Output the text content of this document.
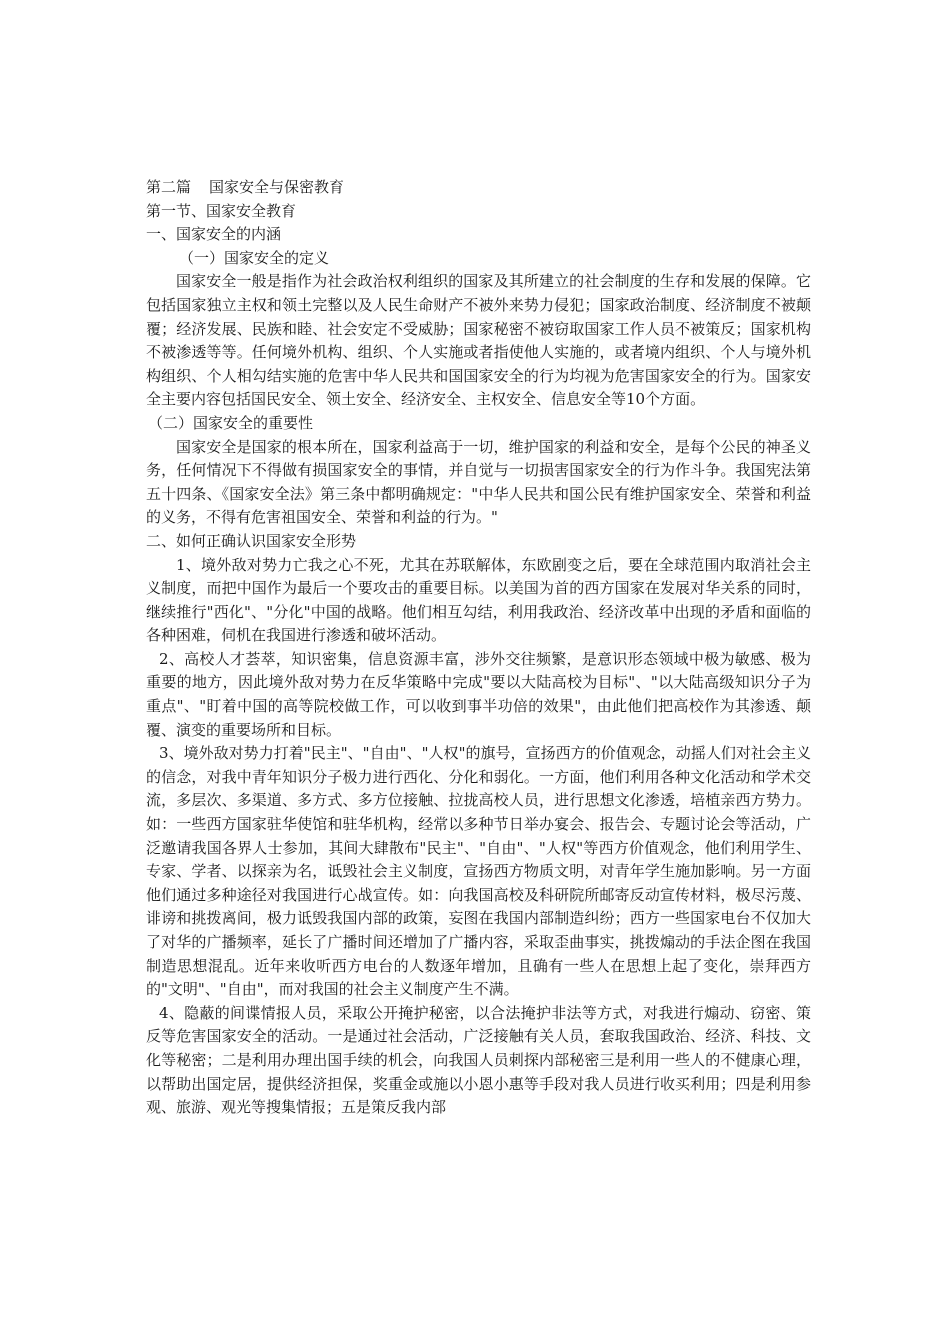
第二篇 国家安全与保密教育

第一节、国家安全教育

一、国家安全的内涵

（一）国家安全的定义

国家安全一般是指作为社会政治权利组织的国家及其所建立的社会制度的生存和发展的保障。它包括国家独立主权和领土完整以及人民生命财产不被外来势力侵犯；国家政治制度、经济制度不被颠覆；经济发展、民族和睦、社会安定不受威胁；国家秘密不被窃取国家工作人员不被策反；国家机构不被渗透等等。任何境外机构、组织、个人实施或者指使他人实施的，或者境内组织、个人与境外机构组织、个人相勾结实施的危害中华人民共和国国家安全的行为均视为危害国家安全的行为。国家安全主要内容包括国民安全、领土安全、经济安全、主权安全、信息安全等10个方面。

（二）国家安全的重要性

国家安全是国家的根本所在，国家利益高于一切，维护国家的利益和安全，是每个公民的神圣义务，任何情况下不得做有损国家安全的事情，并自觉与一切损害国家安全的行为作斗争。我国宪法第五十四条、《国家安全法》第三条中都明确规定："中华人民共和国公民有维护国家安全、荣誉和利益的义务，不得有危害祖国安全、荣誉和利益的行为。"

二、如何正确认识国家安全形势

1、境外敌对势力亡我之心不死，尤其在苏联解体，东欧剧变之后，要在全球范围内取消社会主义制度，而把中国作为最后一个要攻击的重要目标。以美国为首的西方国家在发展对华关系的同时，继续推行"西化"、"分化"中国的战略。他们相互勾结，利用我政治、经济改革中出现的矛盾和面临的各种困难，伺机在我国进行渗透和破坏活动。

2、高校人才荟萃，知识密集，信息资源丰富，涉外交往频繁，是意识形态领域中极为敏感、极为重要的地方，因此境外敌对势力在反华策略中完成"要以大陆高校为目标"、"以大陆高级知识分子为重点"、"盯着中国的高等院校做工作，可以收到事半功倍的效果"，由此他们把高校作为其渗透、颠覆、演变的重要场所和目标。

3、境外敌对势力打着"民主"、"自由"、"人权"的旗号，宣扬西方的价值观念，动摇人们对社会主义的信念，对我中青年知识分子极力进行西化、分化和弱化。一方面，他们利用各种文化活动和学术交流，多层次、多渠道、多方式、多方位接触、拉拢高校人员，进行思想文化渗透，培植亲西方势力。如：一些西方国家驻华使馆和驻华机构，经常以多种节日举办宴会、报告会、专题讨论会等活动，广泛邀请我国各界人士参加，其间大肆散布"民主"、"自由"、"人权"等西方价值观念，他们利用学生、专家、学者、以探亲为名，诋毁社会主义制度，宣扬西方物质文明，对青年学生施加影响。另一方面他们通过多种途径对我国进行心战宣传。如：向我国高校及科研院所邮寄反动宣传材料，极尽污蔑、诽谤和挑拨离间，极力诋毁我国内部的政策，妄图在我国内部制造纠纷；西方一些国家电台不仅加大了对华的广播频率，延长了广播时间还增加了广播内容，采取歪曲事实，挑拨煽动的手法企图在我国制造思想混乱。近年来收听西方电台的人数逐年增加，且确有一些人在思想上起了变化，崇拜西方的"文明"、"自由"，而对我国的社会主义制度产生不满。

4、隐蔽的间谍情报人员，采取公开掩护秘密，以合法掩护非法等方式，对我进行煽动、窃密、策反等危害国家安全的活动。一是通过社会活动，广泛接触有关人员，套取我国政治、经济、科技、文化等秘密；二是利用办理出国手续的机会，向我国人员刺探内部秘密三是利用一些人的不健康心理，以帮助出国定居，提供经济担保，奖重金或施以小恩小惠等手段对我人员进行收买利用；四是利用参观、旅游、观光等搜集情报；五是策反我内部
